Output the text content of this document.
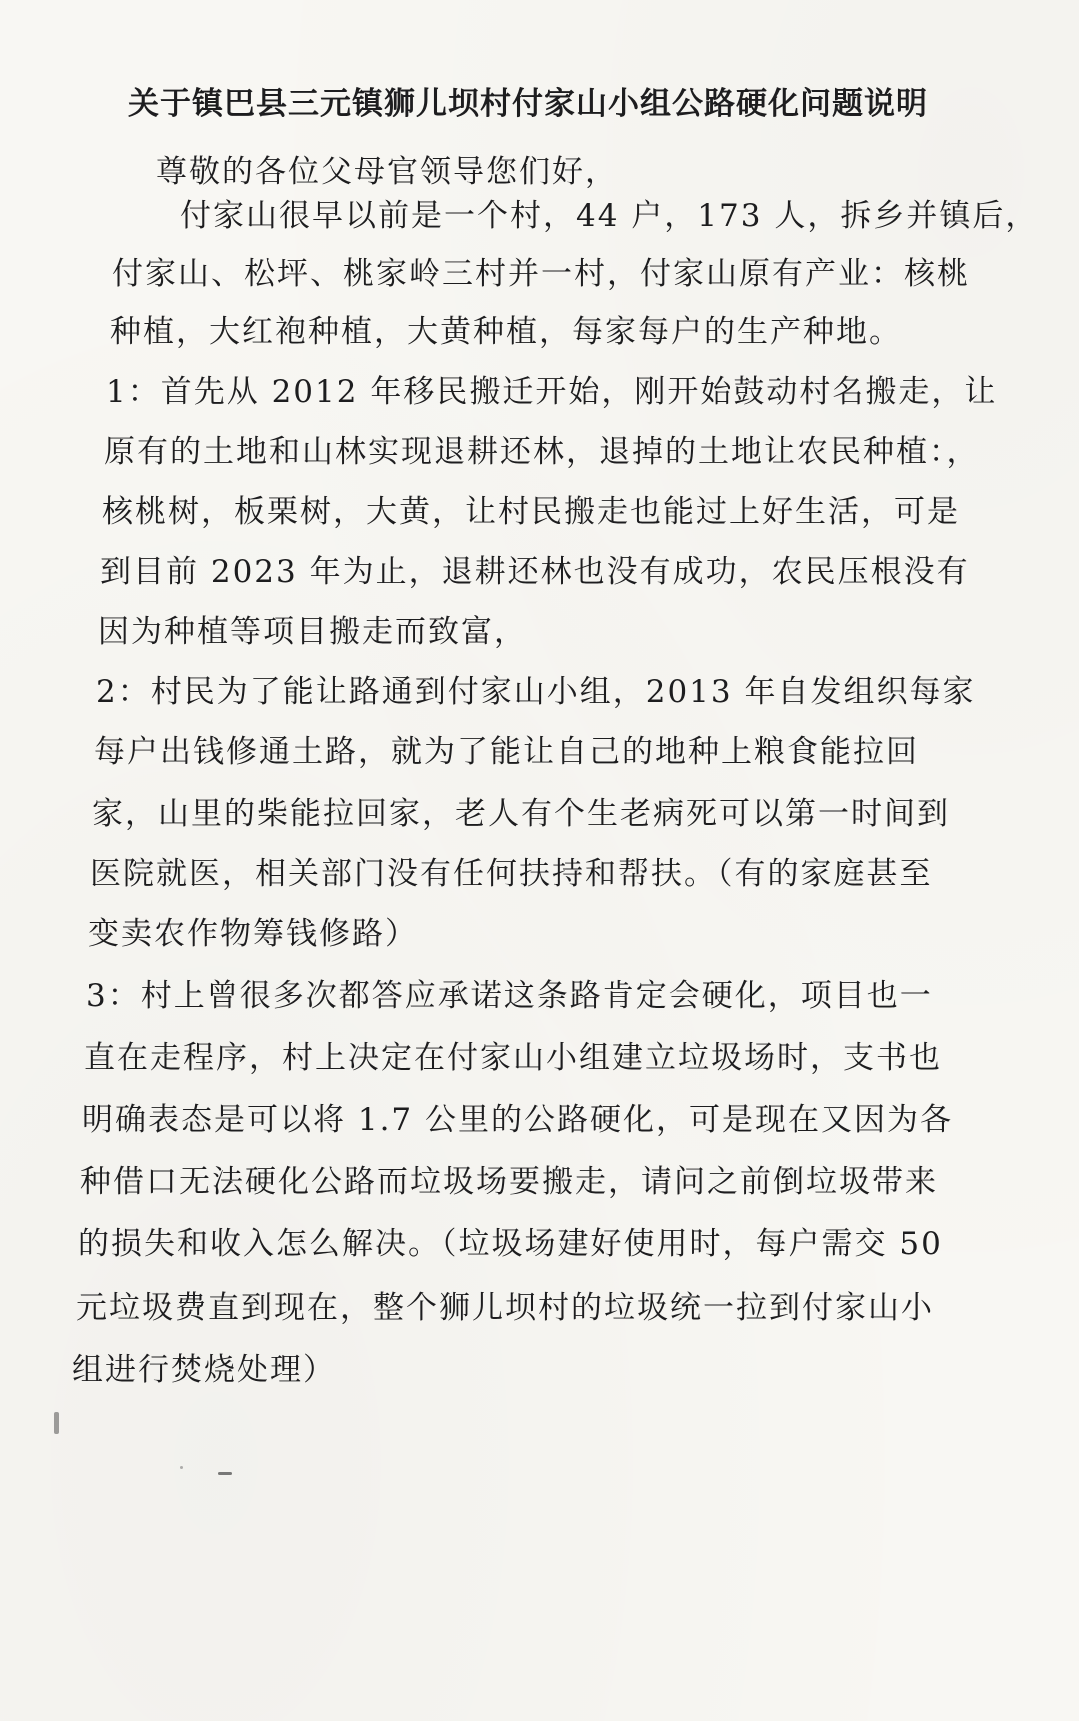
关于镇巴县三元镇狮儿坝村付家山小组公路硬化问题说明
尊敬的各位父母官领导您们好，
付家山很早以前是一个村，44 户，173 人，拆乡并镇后，
付家山、松坪、桃家岭三村并一村，付家山原有产业：核桃
种植，大红袍种植，大黄种植，每家每户的生产种地。
1：首先从 2012 年移民搬迁开始，刚开始鼓动村名搬走，让
原有的土地和山林实现退耕还林，退掉的土地让农民种植：，
核桃树，板栗树，大黄，让村民搬走也能过上好生活，可是
到目前 2023 年为止，退耕还林也没有成功，农民压根没有
因为种植等项目搬走而致富，
2：村民为了能让路通到付家山小组，2013 年自发组织每家
每户出钱修通土路，就为了能让自己的地种上粮食能拉回
家，山里的柴能拉回家，老人有个生老病死可以第一时间到
医院就医，相关部门没有任何扶持和帮扶。（有的家庭甚至
变卖农作物筹钱修路）
3：村上曾很多次都答应承诺这条路肯定会硬化，项目也一
直在走程序，村上决定在付家山小组建立垃圾场时，支书也
明确表态是可以将 1.7 公里的公路硬化，可是现在又因为各
种借口无法硬化公路而垃圾场要搬走，请问之前倒垃圾带来
的损失和收入怎么解决。（垃圾场建好使用时，每户需交 50
元垃圾费直到现在，整个狮儿坝村的垃圾统一拉到付家山小
组进行焚烧处理）
